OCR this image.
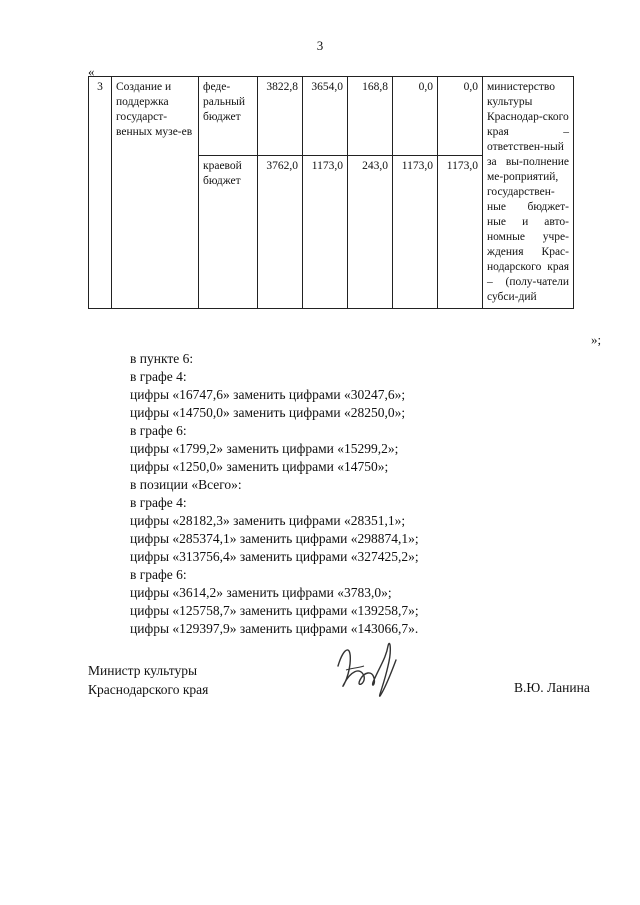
3
«
3	Создание и поддержка государст-венных музе-ев	феде-ральный бюджет	3822,8	3654,0	168,8	0,0	0,0	министерство культуры Краснодар-ского края – ответствен-ный за вы-полнение ме-роприятий, государствен-ные бюджет-ные и авто-номные учре-ждения Крас-нодарского края – (полу-чатели субси-дий
		краевой бюджет	3762,0	1173,0	243,0	1173,0	1173,0	
»;
в пункте 6:
в графе 4:
цифры «16747,6» заменить цифрами «30247,6»;
цифры «14750,0» заменить цифрами «28250,0»;
в графе 6:
цифры «1799,2» заменить цифрами «15299,2»;
цифры «1250,0» заменить цифрами «14750»;
в позиции «Всего»:
в графе 4:
цифры «28182,3» заменить цифрами «28351,1»;
цифры «285374,1» заменить цифрами «298874,1»;
цифры «313756,4» заменить цифрами «327425,2»;
в графе 6:
цифры «3614,2» заменить цифрами «3783,0»;
цифры «125758,7» заменить цифрами «139258,7»;
цифры «129397,9» заменить цифрами «143066,7».
Министр культуры
Краснодарского края	В.Ю. Ланина
